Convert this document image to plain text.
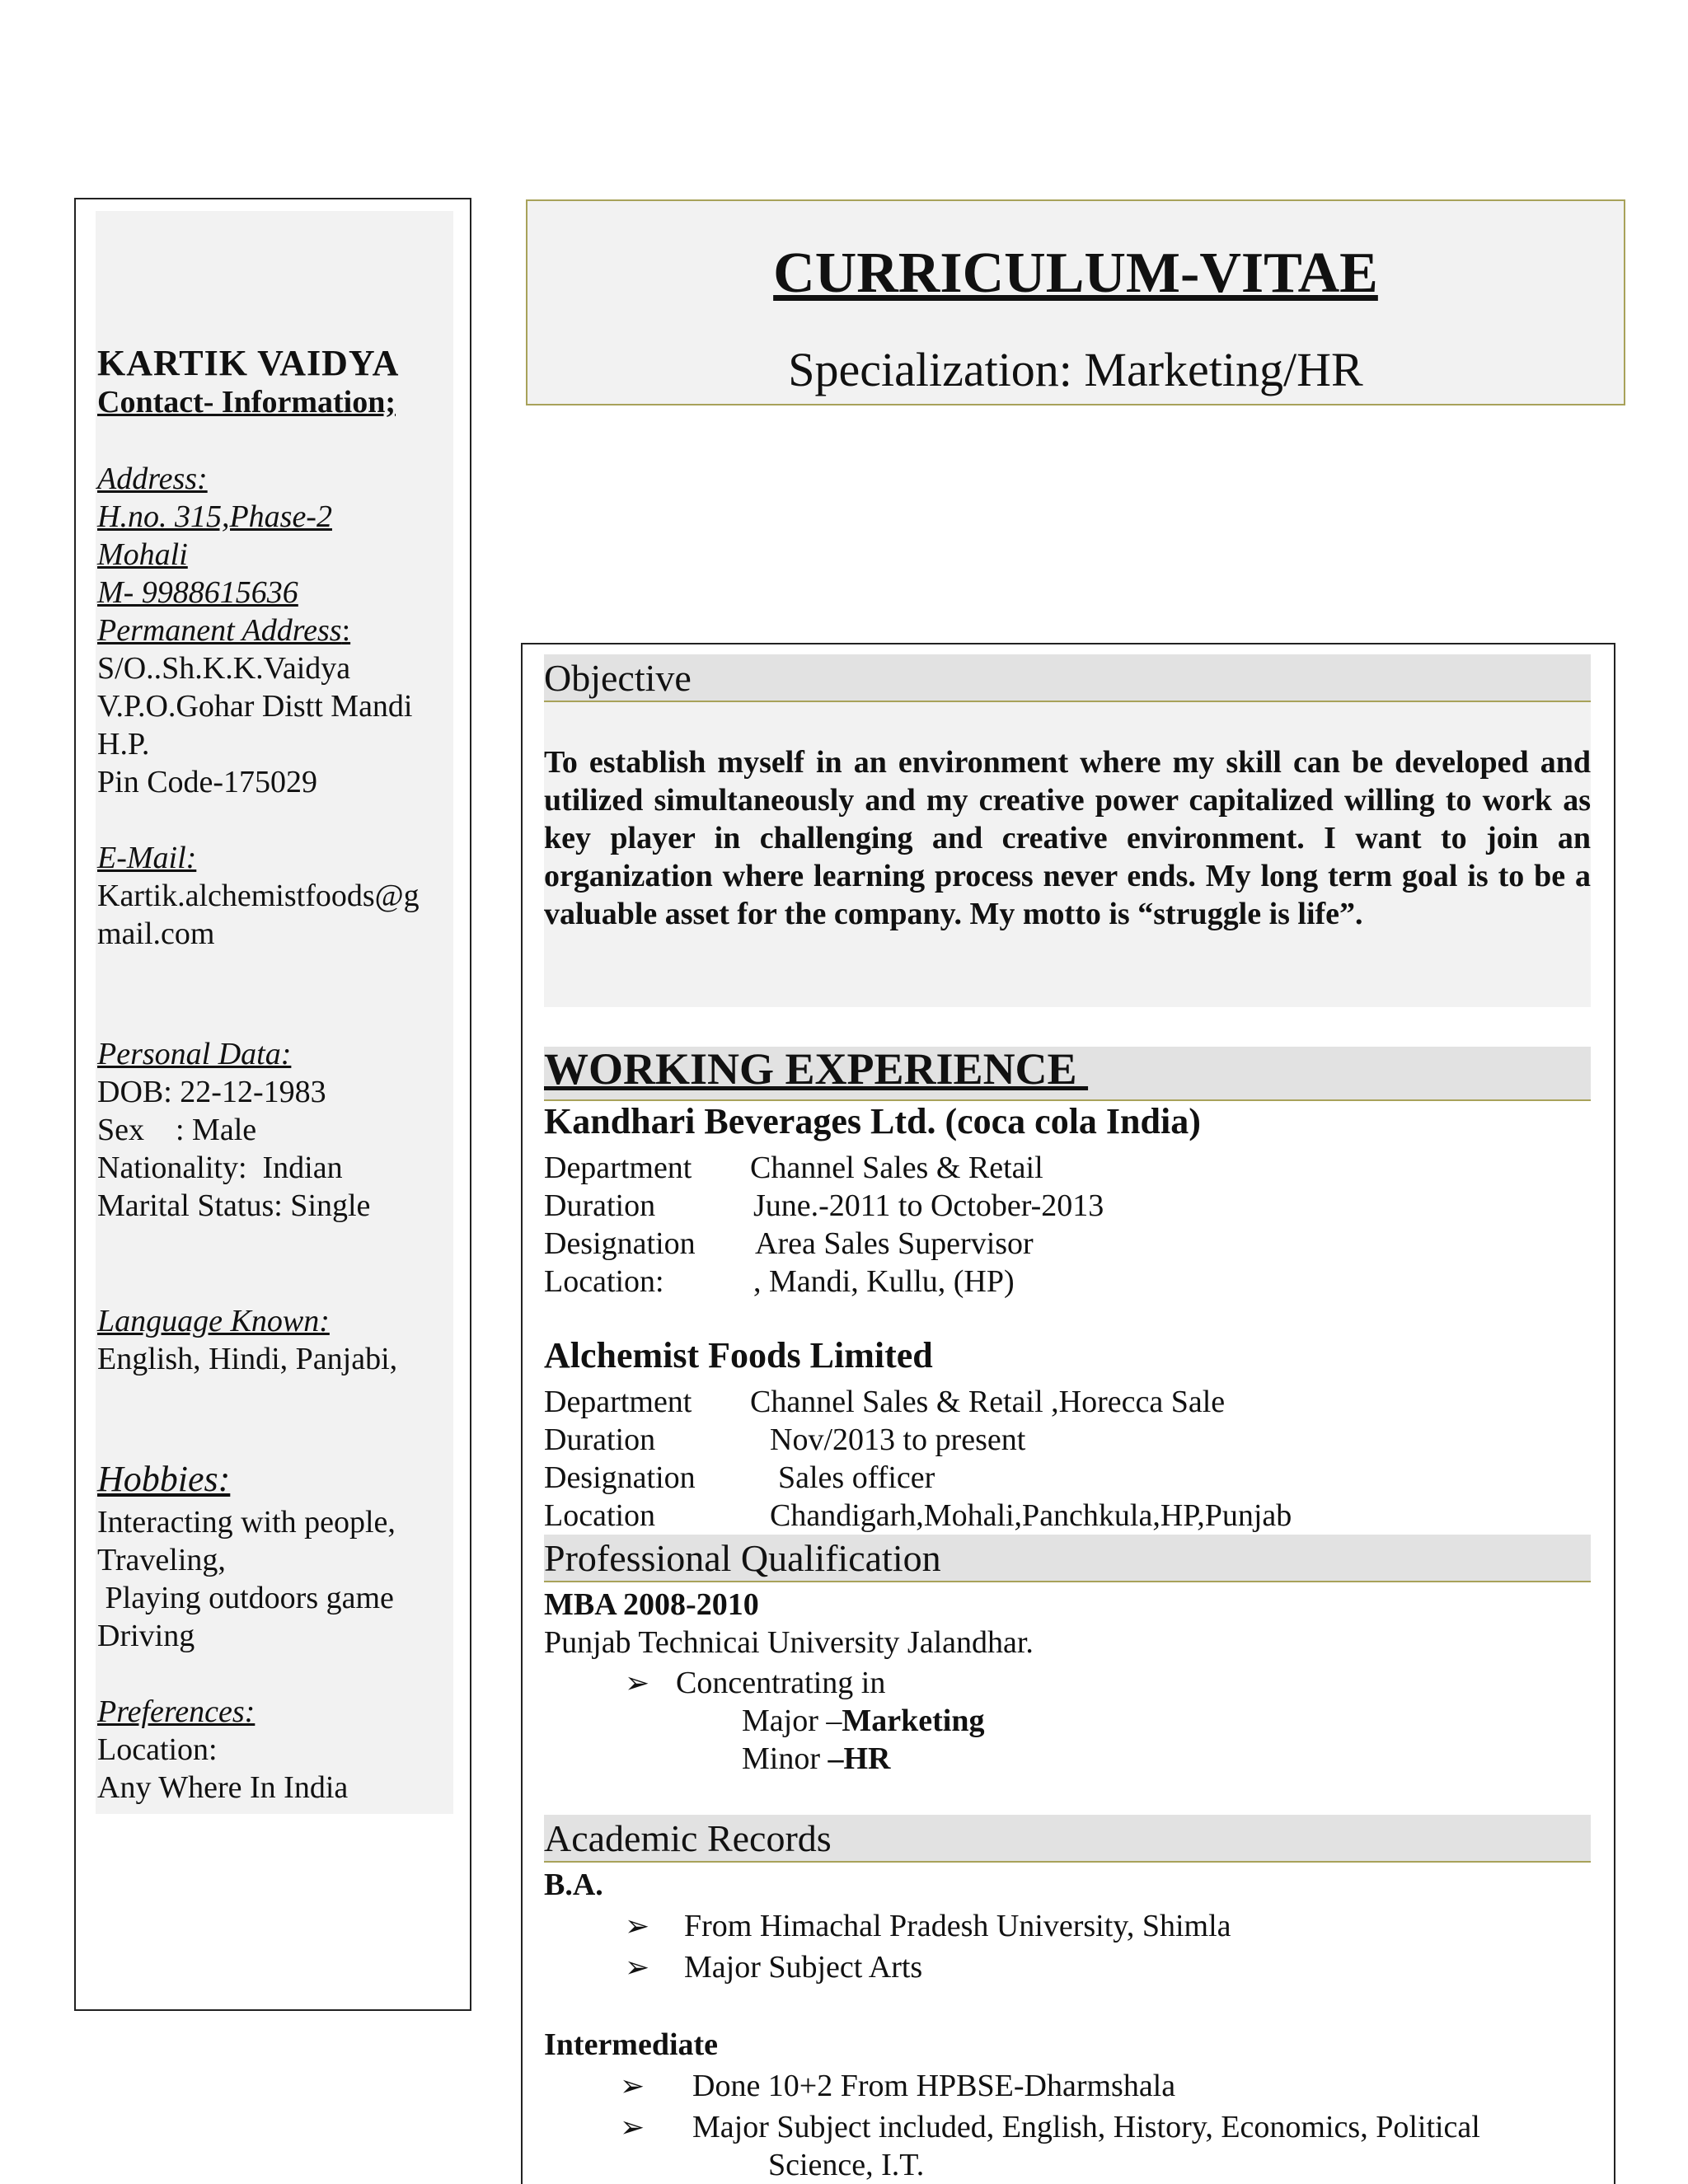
KARTIK VAIDYA
Contact- Information;
Address:
H.no. 315,Phase-2
Mohali
M- 9988615636
Permanent Address:
S/O..Sh.K.K.Vaidya
V.P.O.Gohar Distt Mandi
H.P.
Pin Code-175029
E-Mail:
Kartik.alchemistfoods@g
mail.com
Personal Data:
DOB: 22-12-1983
Sex    : Male
Nationality:  Indian
Marital Status: Single
Language Known:
English, Hindi, Panjabi,
Hobbies:
Interacting with people,
Traveling,
Playing outdoors game
Driving
Preferences:
Location:
Any Where In India
CURRICULUM-VITAE
Specialization: Marketing/HR
Objective
To establish myself in an environment where my skill can be developed and utilized simultaneously and my creative power capitalized willing to work as key player in challenging and creative environment. I want to join an organization where learning process never ends. My long term goal is to be a valuable asset for the company. My motto is “struggle is life”.
WORKING EXPERIENCE
Kandhari Beverages Ltd. (coca cola India)
Department Channel Sales & Retail
Duration	June.-2011 to October-2013
Designation Area Sales Supervisor
Location:	, Mandi, Kullu, (HP)
Alchemist Foods Limited
Department Channel Sales & Retail ,Horecca Sale
Duration	Nov/2013 to present
Designation	Sales officer
Location	Chandigarh,Mohali,Panchkula,HP,Punjab
Professional Qualification
MBA 2008-2010
Punjab Technicai University Jalandhar.
➢ Concentrating in
Major –Marketing
Minor –HR
Academic Records
B.A.
➢ From Himachal Pradesh University, Shimla
➢ Major Subject Arts
Intermediate
➢ Done 10+2 From HPBSE-Dharmshala
➢ Major Subject included, English, History, Economics, Political
Science, I.T.
